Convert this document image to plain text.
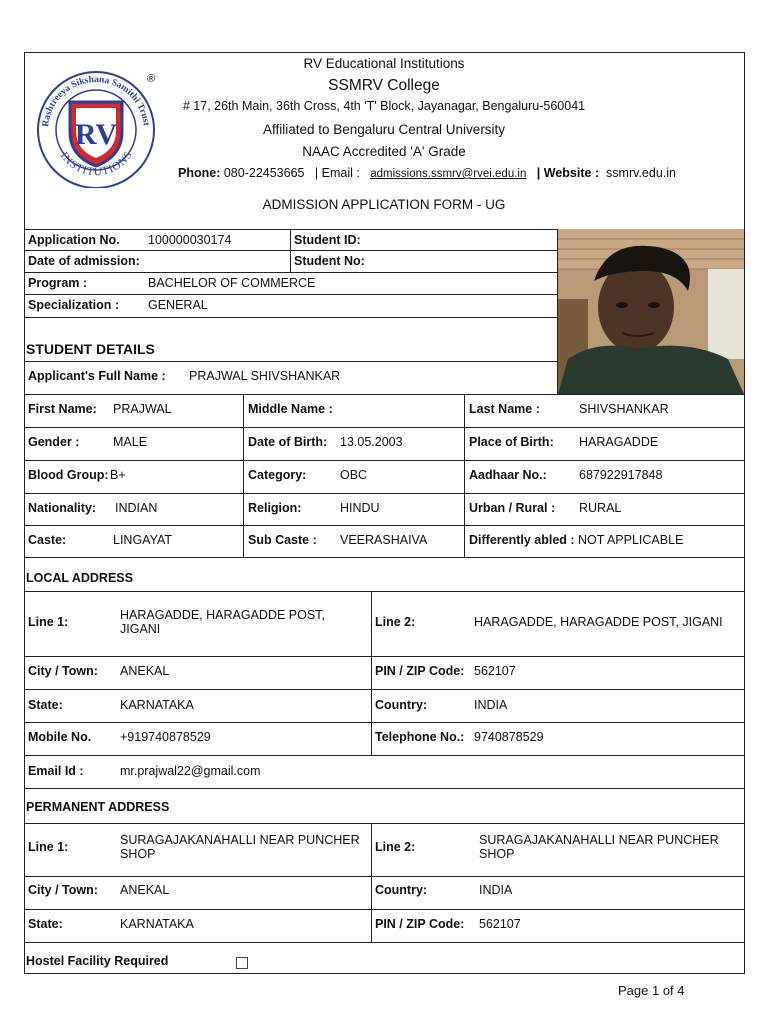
Rashtreeya Sikshana Samithi Trust
INSTITUTIONS
RV
®
RV Educational Institutions
SSMRV College
# 17, 26th Main, 36th Cross, 4th 'T' Block, Jayanagar, Bengaluru-560041
Affiliated to Bengaluru Central University
NAAC Accredited 'A' Grade
Phone: 080-22453665 | Email : admissions.ssmrv@rvei.edu.in | Website : ssmrv.edu.in
ADMISSION APPLICATION FORM - UG
Application No. 100000030174	Student ID:
Date of admission:	Student No:
Program :	BACHELOR OF COMMERCE
Specialization : GENERAL
STUDENT DETAILS
Applicant's Full Name : PRAJWAL SHIVSHANKAR
First Name: PRAJWAL	Middle Name :	Last Name :	SHIVSHANKAR
Gender :	MALE	Date of Birth: 13.05.2003	Place of Birth: HARAGADDE
Blood Group: B+	Category:	OBC	Aadhaar No.:	687922917848
Nationality: INDIAN	Religion:	HINDU	Urban / Rural : RURAL
Caste:	LINGAYAT	Sub Caste : VEERASHAIVA	Differently abled : NOT APPLICABLE
LOCAL ADDRESS
Line 1:	HARAGADDE, HARAGADDE POST, JIGANI	Line 2:	HARAGADDE, HARAGADDE POST, JIGANI
City / Town: ANEKAL	PIN / ZIP Code: 562107
State:	KARNATAKA	Country:	INDIA
Mobile No. +919740878529	Telephone No.: 9740878529
Email Id :	mr.prajwal22@gmail.com
PERMANENT ADDRESS
Line 1:	SURAGAJAKANAHALLI NEAR PUNCHER SHOP	Line 2:	SURAGAJAKANAHALLI NEAR PUNCHER SHOP
City / Town: ANEKAL	Country:	INDIA
State:	KARNATAKA	PIN / ZIP Code: 562107
Hostel Facility Required
Page 1 of 4
